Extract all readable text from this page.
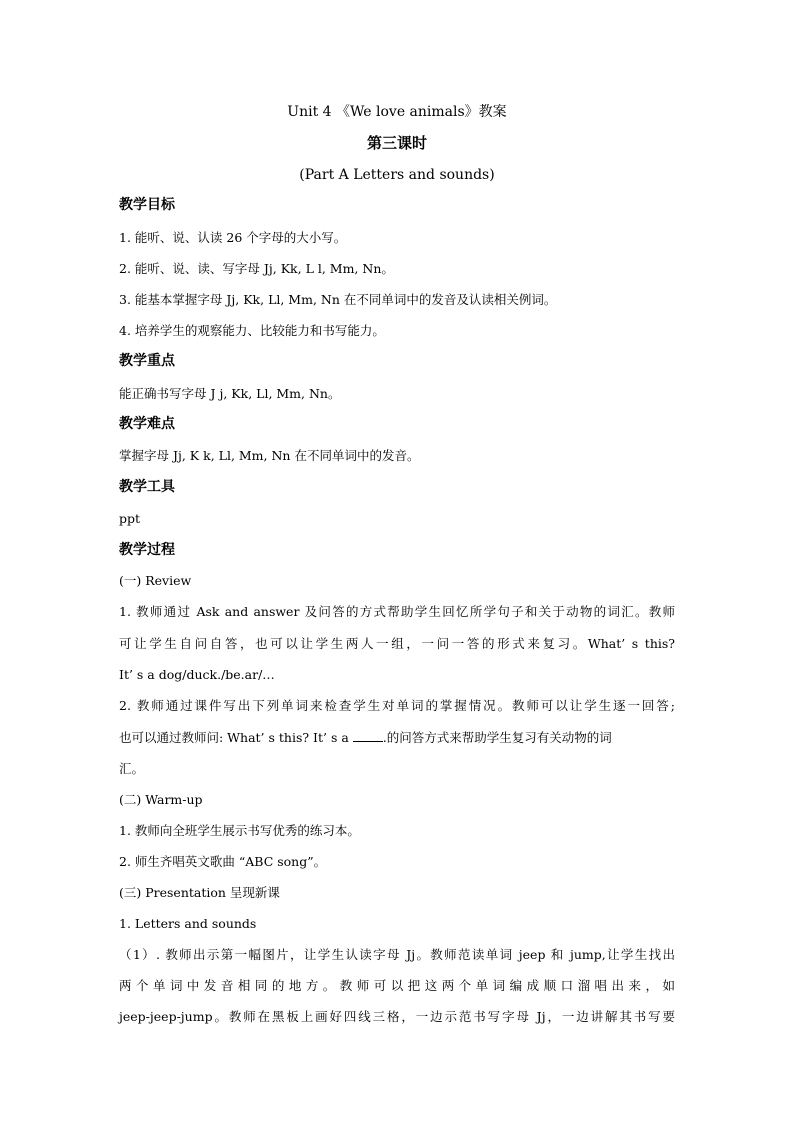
Unit 4 《We love animals》教案
第三课时
(Part A Letters and sounds)
教学目标
1. 能听、说、认读 26 个字母的大小写。
2. 能听、说、读、写字母 Jj, Kk, L l, Mm, Nn。
3. 能基本掌握字母 Jj, Kk, Ll, Mm, Nn 在不同单词中的发音及认读相关例词。
4. 培养学生的观察能力、比较能力和书写能力。
教学重点
能正确书写字母 J j, Kk, Ll, Mm, Nn。
教学难点
掌握字母 Jj, K k, Ll, Mm, Nn 在不同单词中的发音。
教学工具
ppt
教学过程
(一) Review
1. 教师通过 Ask and answer 及问答的方式帮助学生回忆所学句子和关于动物的词汇。教师
可让学生自问自答，也可以让学生两人一组，一问一答的形式来复习。What’ s this?
It’ s a dog/duck./be.ar/…
2. 教师通过课件写出下列单词来检查学生对单词的掌握情况。教师可以让学生逐一回答;
也可以通过教师问: What’ s this? It’ s a .的问答方式来帮助学生复习有关动物的词
汇。
(二) Warm-up
1. 教师向全班学生展示书写优秀的练习本。
2. 师生齐唱英文歌曲 “ABC song”。
(三) Presentation 呈现新课
1. Letters and sounds
（1）. 教师出示第一幅图片，让学生认读字母 Jj。教师范读单词 jeep 和 jump,让学生找出
两个单词中发音相同的地方。教师可以把这两个单词编成顺口溜唱出来，如
jeep-jeep-jump。教师在黑板上画好四线三格，一边示范书写字母 Jj，一边讲解其书写要
